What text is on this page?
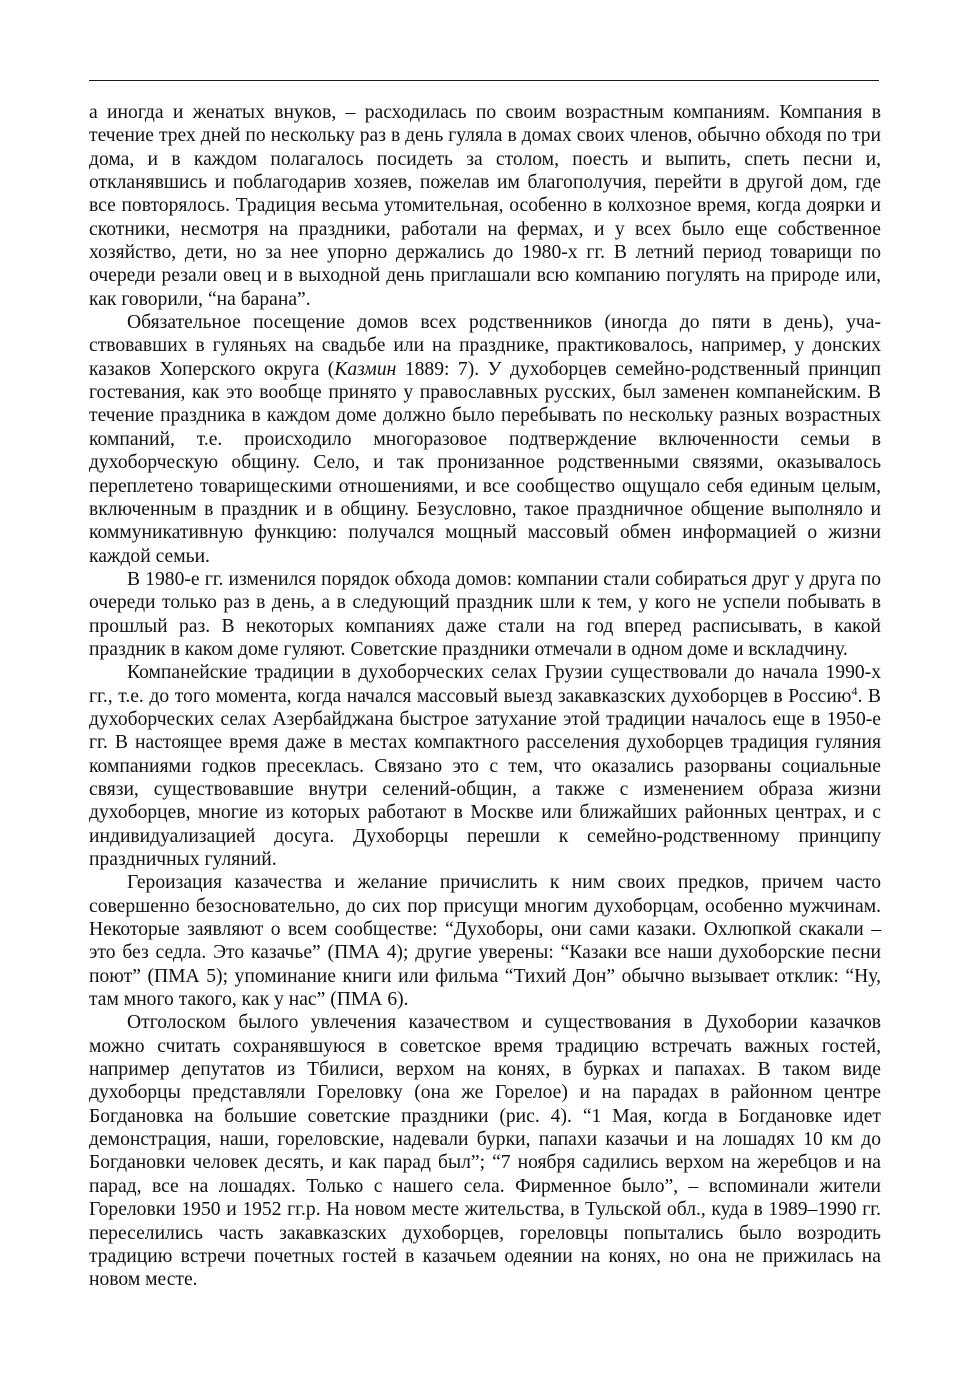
а иногда и женатых внуков, – расходилась по своим возрастным компаниям. Компания в течение трех дней по нескольку раз в день гуляла в домах своих членов, обычно обходя по три дома, и в каждом полагалось посидеть за столом, поесть и выпить, спеть песни и, откланявшись и поблагодарив хозяев, пожелав им благополучия, перейти в другой дом, где все повторялось. Традиция весьма утомительная, особенно в колхозное время, когда доярки и скотники, несмотря на праздники, работали на фермах, и у всех было еще собственное хозяйство, дети, но за нее упорно держались до 1980-х гг. В летний период товарищи по очереди резали овец и в выходной день приглашали всю компанию погулять на природе или, как говорили, “на барана”.

Обязательное посещение домов всех родственников (иногда до пяти в день), участвовавших в гуляньях на свадьбе или на празднике, практиковалось, например, у донских казаков Хоперского округа (Казмин 1889: 7). У духоборцев семейно-родственный принцип гостевания, как это вообще принято у православных русских, был заменен компанейским. В течение праздника в каждом доме должно было перебывать по нескольку разных возрастных компаний, т.е. происходило многоразовое подтверждение включенности семьи в духоборческую общину. Село, и так пронизанное родственными связями, оказывалось переплетено товарищескими отношениями, и все сообщество ощущало себя единым целым, включенным в праздник и в общину. Безусловно, такое праздничное общение выполняло и коммуникативную функцию: получался мощный массовый обмен информацией о жизни каждой семьи.

В 1980-е гг. изменился порядок обхода домов: компании стали собираться друг у друга по очереди только раз в день, а в следующий праздник шли к тем, у кого не успели побывать в прошлый раз. В некоторых компаниях даже стали на год вперед расписывать, в какой праздник в каком доме гуляют. Советские праздники отмечали в одном доме и вскладчину.

Компанейские традиции в духоборческих селах Грузии существовали до начала 1990-х гг., т.е. до того момента, когда начался массовый выезд закавказских духоборцев в Россию$^4$. В духоборческих селах Азербайджана быстрое затухание этой традиции началось еще в 1950-е гг. В настоящее время даже в местах компактного расселения духоборцев традиция гуляния компаниями годков пресеклась. Связано это с тем, что оказались разорваны социальные связи, существовавшие внутри селений-общин, а также с изменением образа жизни духоборцев, многие из которых работают в Москве или ближайших районных центрах, и с индивидуализацией досуга. Духоборцы перешли к семейно-родственному принципу праздничных гуляний.

Героизация казачества и желание причислить к ним своих предков, причем часто совершенно безосновательно, до сих пор присущи многим духоборцам, особенно мужчинам. Некоторые заявляют о всем сообществе: “Духоборы, они сами казаки. Охлюпкой скакали – это без седла. Это казачье” (ПМА 4); другие уверены: “Казаки все наши духоборские песни поют” (ПМА 5); упоминание книги или фильма “Тихий Дон” обычно вызывает отклик: “Ну, там много такого, как у нас” (ПМА 6).

Отголоском былого увлечения казачеством и существования в Духобории казачков можно считать сохранявшуюся в советское время традицию встречать важных гостей, например депутатов из Тбилиси, верхом на конях, в бурках и папахах. В таком виде духоборцы представляли Гореловку (она же Горелое) и на парадах в районном центре Богдановка на большие советские праздники (рис. 4). “1 Мая, когда в Богдановке идет демонстрация, наши, гореловские, надевали бурки, папахи казачьи и на лошадях 10 км до Богдановки человек десять, и как парад был”; “7 ноября садились верхом на жеребцов и на парад, все на лошадях. Только с нашего села. Фирменное было”, – вспоминали жители Гореловки 1950 и 1952 гг.р. На новом месте жительства, в Тульской обл., куда в 1989–1990 гг. переселились часть закавказских духоборцев, гореловцы попытались было возродить традицию встречи почетных гостей в казачьем одеянии на конях, но она не прижилась на новом месте.
